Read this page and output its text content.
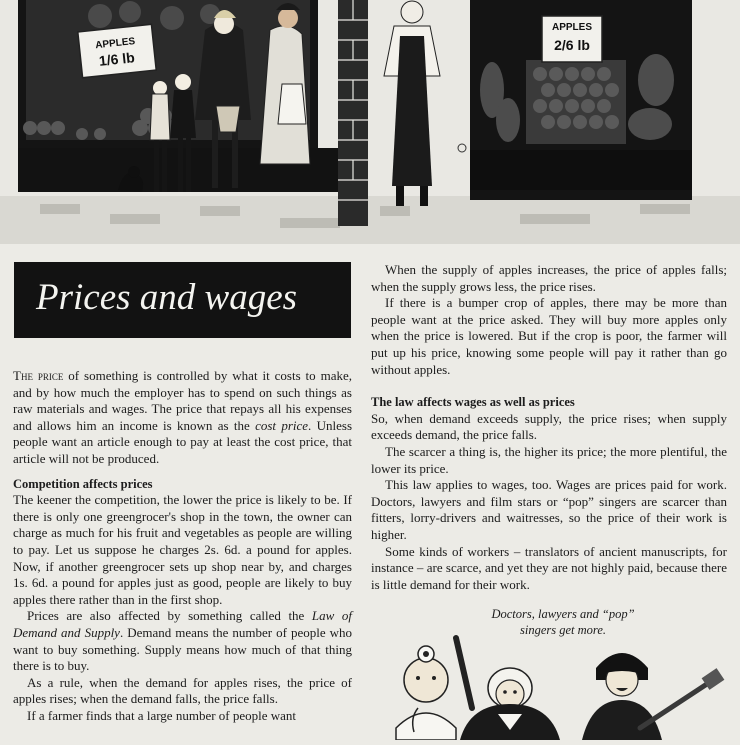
APPLES
1/6 lb
APPLES
2/6 lb
Prices and wages

The price of something is controlled by what it costs to make, and by how much the employer has to spend on such things as raw materials and wages. The price that repays all his expenses and allows him an income is known as the cost price. Unless people want an article enough to pay at least the cost price, that article will not be produced.

Competition affects prices

The keener the competition, the lower the price is likely to be. If there is only one greengrocer's shop in the town, the owner can charge as much for his fruit and vegetables as people are willing to pay. Let us suppose he charges 2s. 6d. a pound for apples. Now, if another greengrocer sets up shop near by, and charges 1s. 6d. a pound for apples just as good, people are likely to buy apples there rather than in the first shop.

Prices are also affected by something called the Law of Demand and Supply. Demand means the number of people who want to buy something. Supply means how much of that thing there is to buy.

As a rule, when the demand for apples rises, the price of apples rises; when the demand falls, the price falls.

If a farmer finds that a large number of people want

When the supply of apples increases, the price of apples falls; when the supply grows less, the price rises.

If there is a bumper crop of apples, there may be more than people want at the price asked. They will buy more apples only when the price is lowered. But if the crop is poor, the farmer will put up his price, knowing some people will pay it rather than go without apples.

The law affects wages as well as prices

So, when demand exceeds supply, the price rises; when supply exceeds demand, the price falls.

The scarcer a thing is, the higher its price; the more plentiful, the lower its price.

This law applies to wages, too. Wages are prices paid for work. Doctors, lawyers and film stars or “pop” singers are scarcer than fitters, lorry-drivers and waitresses, so the price of their work is higher.

Some kinds of workers – translators of ancient manuscripts, for instance – are scarce, and yet they are not highly paid, because there is little demand for their work.

Doctors, lawyers and “pop” singers get more.
